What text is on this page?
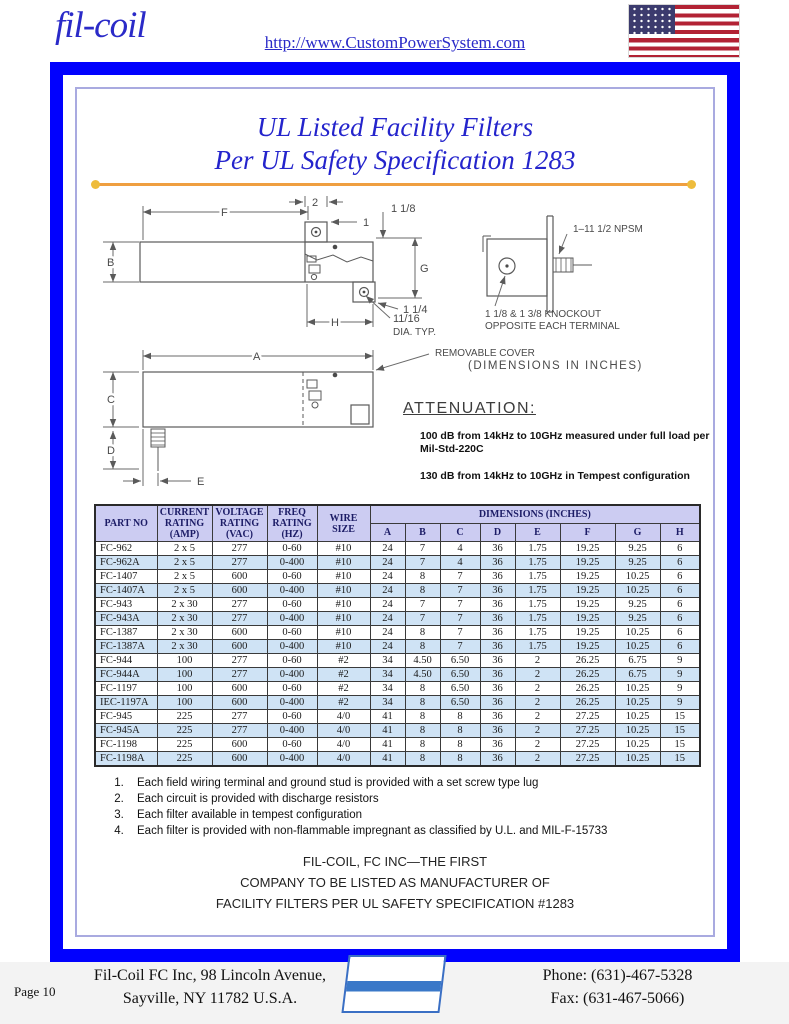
fil-coil	http://www.CustomPowerSystem.com
UL Listed Facility Filters
Per UL Safety Specification 1283
F
2
1
1 1/8
B	G
1 1/4
H	11/16
DIA. TYP.
1–11 1/2 NPSM
1 1/8 & 1 3/8 KNOCKOUT
OPPOSITE EACH TERMINAL
A
C
D
E
REMOVABLE COVER
(DIMENSIONS IN INCHES)
ATTENUATION:
100 dB from 14kHz to 10GHz measured under full load per
Mil-Std-220C
130 dB from 14kHz to 10GHz in Tempest configuration
PART NO	CURRENT RATING (AMP)	VOLTAGE RATING (VAC)	FREQ RATING (HZ)	WIRE SIZE	DIMENSIONS (INCHES)							
					A	B	C	D	E	F	G	H
FC-962	2 x 5	277	0-60	#10	24	7	4	36	1.75	19.25	9.25	6
FC-962A	2 x 5	277	0-400	#10	24	7	4	36	1.75	19.25	9.25	6
FC-1407	2 x 5	600	0-60	#10	24	8	7	36	1.75	19.25	10.25	6
FC-1407A	2 x 5	600	0-400	#10	24	8	7	36	1.75	19.25	10.25	6
FC-943	2 x 30	277	0-60	#10	24	7	7	36	1.75	19.25	9.25	6
FC-943A	2 x 30	277	0-400	#10	24	7	7	36	1.75	19.25	9.25	6
FC-1387	2 x 30	600	0-60	#10	24	8	7	36	1.75	19.25	10.25	6
FC-1387A	2 x 30	600	0-400	#10	24	8	7	36	1.75	19.25	10.25	6
FC-944	100	277	0-60	#2	34	4.50	6.50	36	2	26.25	6.75	9
FC-944A	100	277	0-400	#2	34	4.50	6.50	36	2	26.25	6.75	9
FC-1197	100	600	0-60	#2	34	8	6.50	36	2	26.25	10.25	9
IEC-1197A	100	600	0-400	#2	34	8	6.50	36	2	26.25	10.25	9
FC-945	225	277	0-60	4/0	41	8	8	36	2	27.25	10.25	15
FC-945A	225	277	0-400	4/0	41	8	8	36	2	27.25	10.25	15
FC-1198	225	600	0-60	4/0	41	8	8	36	2	27.25	10.25	15
FC-1198A	225	600	0-400	4/0	41	8	8	36	2	27.25	10.25	15
1. Each field wiring terminal and ground stud is provided with a set screw type lug
2. Each circuit is provided with discharge resistors
3. Each filter available in tempest configuration
4. Each filter is provided with non-flammable impregnant as classified by U.L. and MIL-F-15733
FIL-COIL, FC INC—THE FIRST
COMPANY TO BE LISTED AS MANUFACTURER OF
FACILITY FILTERS PER UL SAFETY SPECIFICATION #1283
Page 10
Fil-Coil FC Inc, 98 Lincoln Avenue,
Sayville, NY 11782 U.S.A.
Phone: (631)-467-5328
Fax: (631-467-5066)
